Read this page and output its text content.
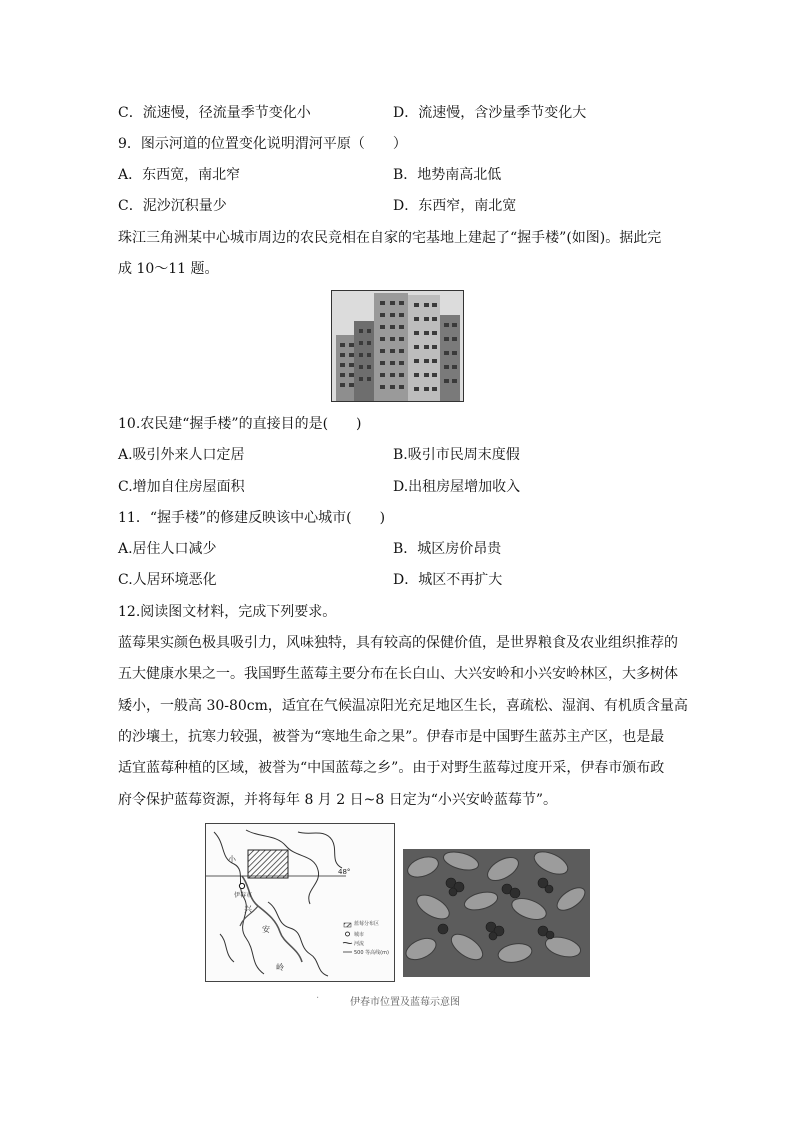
C．流速慢，径流量季节变化小	D．流速慢，含沙量季节变化大
9．图示河道的位置变化说明渭河平原（　　）
A．东西宽，南北窄	B．地势南高北低
C．泥沙沉积量少	D．东西窄，南北宽
珠江三角洲某中心城市周边的农民竞相在自家的宅基地上建起了“握手楼”(如图)。据此完
成 10～11 题。
10.农民建“握手楼”的直接目的是(　　)
A.吸引外来人口定居	B.吸引市民周末度假
C.增加自住房屋面积	D.出租房屋增加收入
11．“握手楼”的修建反映该中心城市(　　)
A.居住人口减少	B．城区房价昂贵
C.人居环境恶化	D．城区不再扩大
12.阅读图文材料，完成下列要求。
蓝莓果实颜色极具吸引力，风味独特，具有较高的保健价值，是世界粮食及农业组织推荐的
五大健康水果之一。我国野生蓝莓主要分布在长白山、大兴安岭和小兴安岭林区，大多树体
矮小，一般高 30-80cm，适宜在气候温凉阳光充足地区生长，喜疏松、湿润、有机质含量高
的沙壤土，抗寒力较强，被誉为“寒地生命之果”。伊春市是中国野生蓝苏主产区，也是最
适宜蓝莓种植的区域，被誉为“中国蓝莓之乡”。由于对野生蓝莓过度开采，伊春市颁布政
府令保护蓝莓资源，并将每年 8 月 2 日~8 日定为“小兴安岭蓝莓节”。
48°
伊春市
小
兴
安
岭
蓝莓分布区
城市
河流
500 等高线(m)
·	伊春市位置及蓝莓示意图
